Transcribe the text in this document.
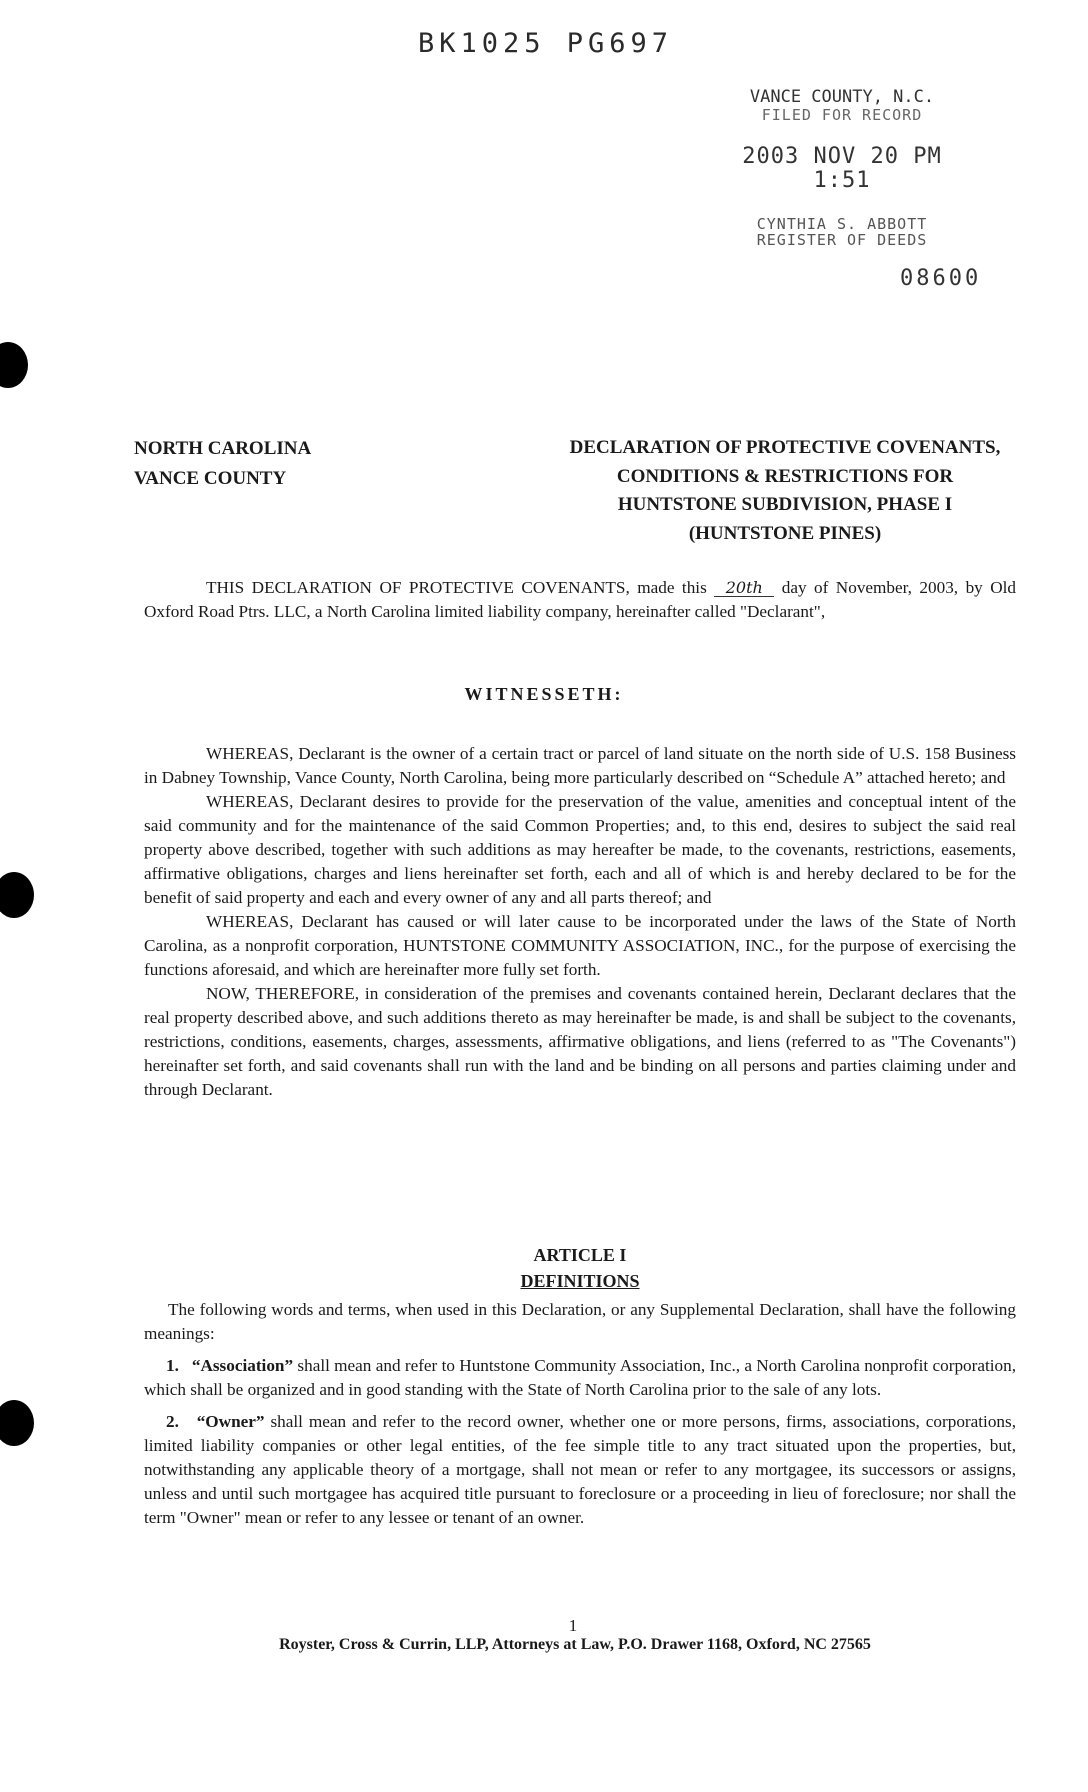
BK1025 PG697
VANCE COUNTY, N.C.
FILED FOR RECORD
2003 NOV 20 PM 1:51
CYNTHIA S. ABBOTT
REGISTER OF DEEDS
08600
NORTH CAROLINA
VANCE COUNTY
DECLARATION OF PROTECTIVE COVENANTS,
CONDITIONS & RESTRICTIONS FOR
HUNTSTONE SUBDIVISION, PHASE I
(HUNTSTONE PINES)

THIS DECLARATION OF PROTECTIVE COVENANTS, made this 20th day of November, 2003, by Old Oxford Road Ptrs. LLC, a North Carolina limited liability company, hereinafter called "Declarant",

WITNESSETH:

WHEREAS, Declarant is the owner of a certain tract or parcel of land situate on the north side of U.S. 158 Business in Dabney Township, Vance County, North Carolina, being more particularly described on “Schedule A” attached hereto; and

WHEREAS, Declarant desires to provide for the preservation of the value, amenities and conceptual intent of the said community and for the maintenance of the said Common Properties; and, to this end, desires to subject the said real property above described, together with such additions as may hereafter be made, to the covenants, restrictions, easements, affirmative obligations, charges and liens hereinafter set forth, each and all of which is and hereby declared to be for the benefit of said property and each and every owner of any and all parts thereof; and

WHEREAS, Declarant has caused or will later cause to be incorporated under the laws of the State of North Carolina, as a nonprofit corporation, HUNTSTONE COMMUNITY ASSOCIATION, INC., for the purpose of exercising the functions aforesaid, and which are hereinafter more fully set forth.

NOW, THEREFORE, in consideration of the premises and covenants contained herein, Declarant declares that the real property described above, and such additions thereto as may hereinafter be made, is and shall be subject to the covenants, restrictions, conditions, easements, charges, assessments, affirmative obligations, and liens (referred to as "The Covenants") hereinafter set forth, and said covenants shall run with the land and be binding on all persons and parties claiming under and through Declarant.

ARTICLE I
DEFINITIONS

The following words and terms, when used in this Declaration, or any Supplemental Declaration, shall have the following meanings:

1. “Association” shall mean and refer to Huntstone Community Association, Inc., a North Carolina nonprofit corporation, which shall be organized and in good standing with the State of North Carolina prior to the sale of any lots.

2. “Owner” shall mean and refer to the record owner, whether one or more persons, firms, associations, corporations, limited liability companies or other legal entities, of the fee simple title to any tract situated upon the properties, but, notwithstanding any applicable theory of a mortgage, shall not mean or refer to any mortgagee, its successors or assigns, unless and until such mortgagee has acquired title pursuant to foreclosure or a proceeding in lieu of foreclosure; nor shall the term "Owner" mean or refer to any lessee or tenant of an owner.

1
Royster, Cross & Currin, LLP, Attorneys at Law, P.O. Drawer 1168, Oxford, NC 27565
